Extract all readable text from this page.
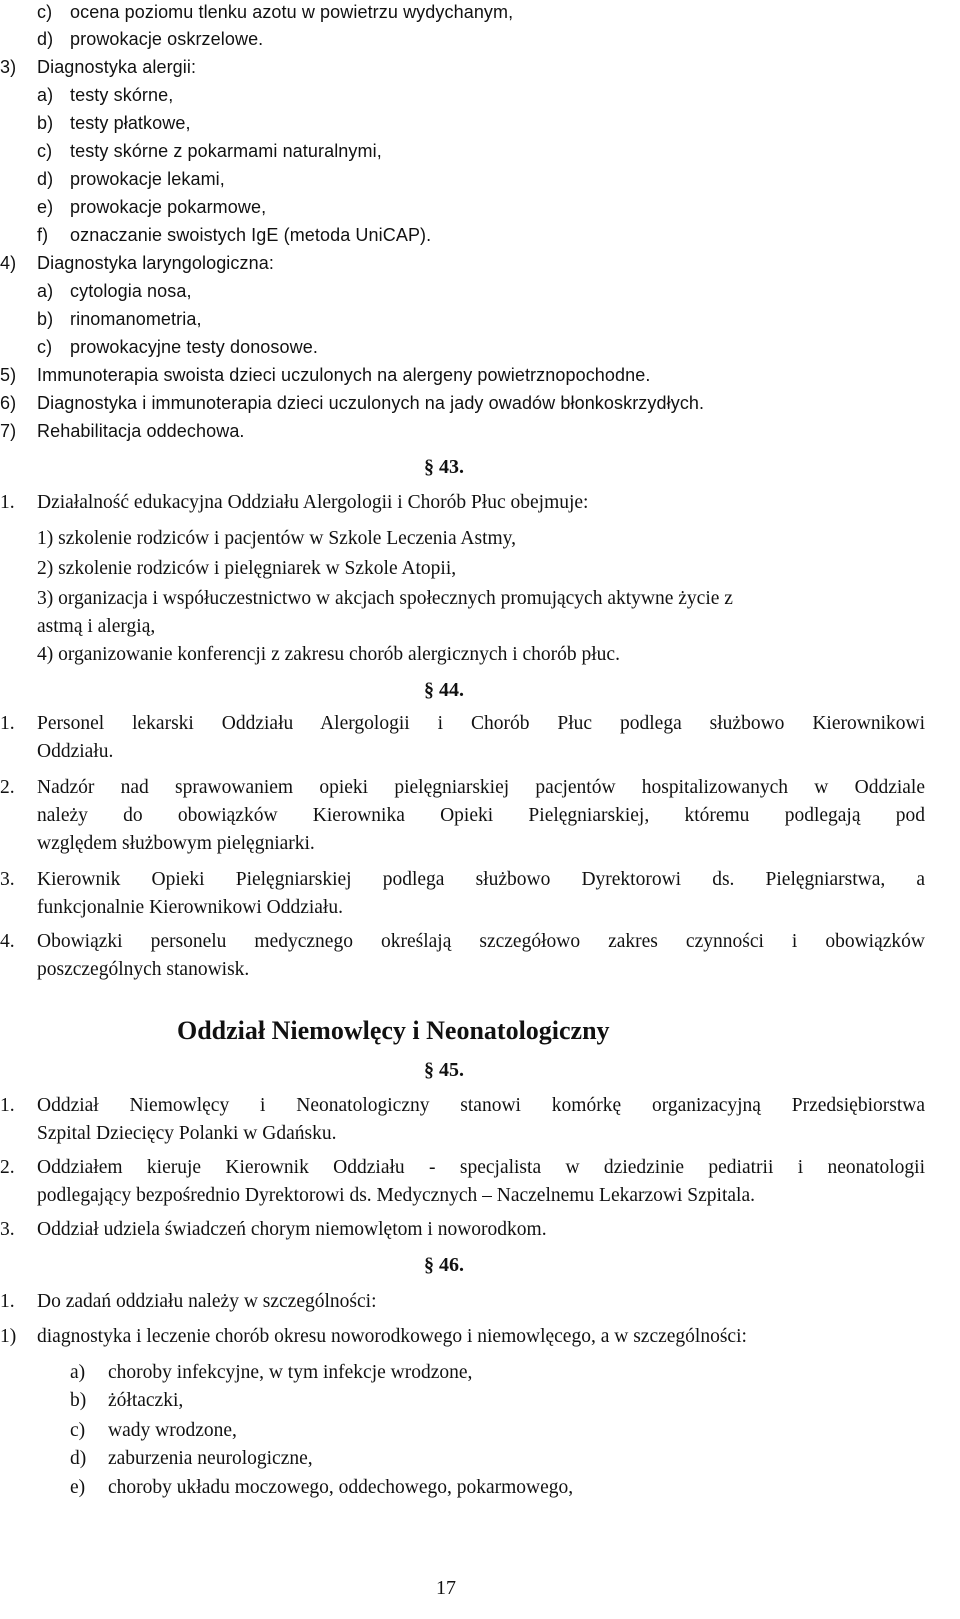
c) ocena poziomu tlenku azotu w powietrzu wydychanym,
d) prowokacje oskrzelowe.
3) Diagnostyka alergii:
a) testy skórne,
b) testy płatkowe,
c) testy skórne z pokarmami naturalnymi,
d) prowokacje lekami,
e) prowokacje pokarmowe,
f) oznaczanie swoistych IgE (metoda UniCAP).
4) Diagnostyka laryngologiczna:
a) cytologia nosa,
b) rinomanometria,
c) prowokacyjne testy donosowe.
5) Immunoterapia swoista dzieci uczulonych na alergeny powietrznopochodne.
6) Diagnostyka i immunoterapia dzieci uczulonych na jady owadów błonkoskrzydłych.
7) Rehabilitacja oddechowa.
§ 43.
1. Działalność edukacyjna Oddziału Alergologii i Chorób Płuc obejmuje:
1) szkolenie rodziców i pacjentów w Szkole Leczenia Astmy,
2) szkolenie rodziców i pielęgniarek w Szkole Atopii,
3) organizacja i współuczestnictwo w akcjach społecznych promujących aktywne życie z
astmą i alergią,
4) organizowanie konferencji z zakresu chorób alergicznych i chorób płuc.
§ 44.
1. Personel lekarski Oddziału Alergologii i Chorób Płuc podlega służbowo Kierownikowi
Oddziału.
2. Nadzór nad sprawowaniem opieki pielęgniarskiej pacjentów hospitalizowanych w Oddziale
należy do obowiązków Kierownika Opieki Pielęgniarskiej, któremu podlegają pod
względem służbowym pielęgniarki.
3. Kierownik Opieki Pielęgniarskiej podlega służbowo Dyrektorowi ds. Pielęgniarstwa, a
funkcjonalnie Kierownikowi Oddziału.
4. Obowiązki personelu medycznego określają szczegółowo zakres czynności i obowiązków
poszczególnych stanowisk.
Oddział Niemowlęcy i Neonatologiczny
§ 45.
1. Oddział Niemowlęcy i Neonatologiczny stanowi komórkę organizacyjną Przedsiębiorstwa
Szpital Dziecięcy Polanki w Gdańsku.
2. Oddziałem kieruje Kierownik Oddziału - specjalista w dziedzinie pediatrii i neonatologii
podlegający bezpośrednio Dyrektorowi ds. Medycznych – Naczelnemu Lekarzowi Szpitala.
3. Oddział udziela świadczeń chorym niemowlętom i noworodkom.
§ 46.
1. Do zadań oddziału należy w szczególności:
1) diagnostyka i leczenie chorób okresu noworodkowego i niemowlęcego, a w szczególności:
a) choroby infekcyjne, w tym infekcje wrodzone,
b) żółtaczki,
c) wady wrodzone,
d) zaburzenia neurologiczne,
e) choroby układu moczowego, oddechowego, pokarmowego,
17
